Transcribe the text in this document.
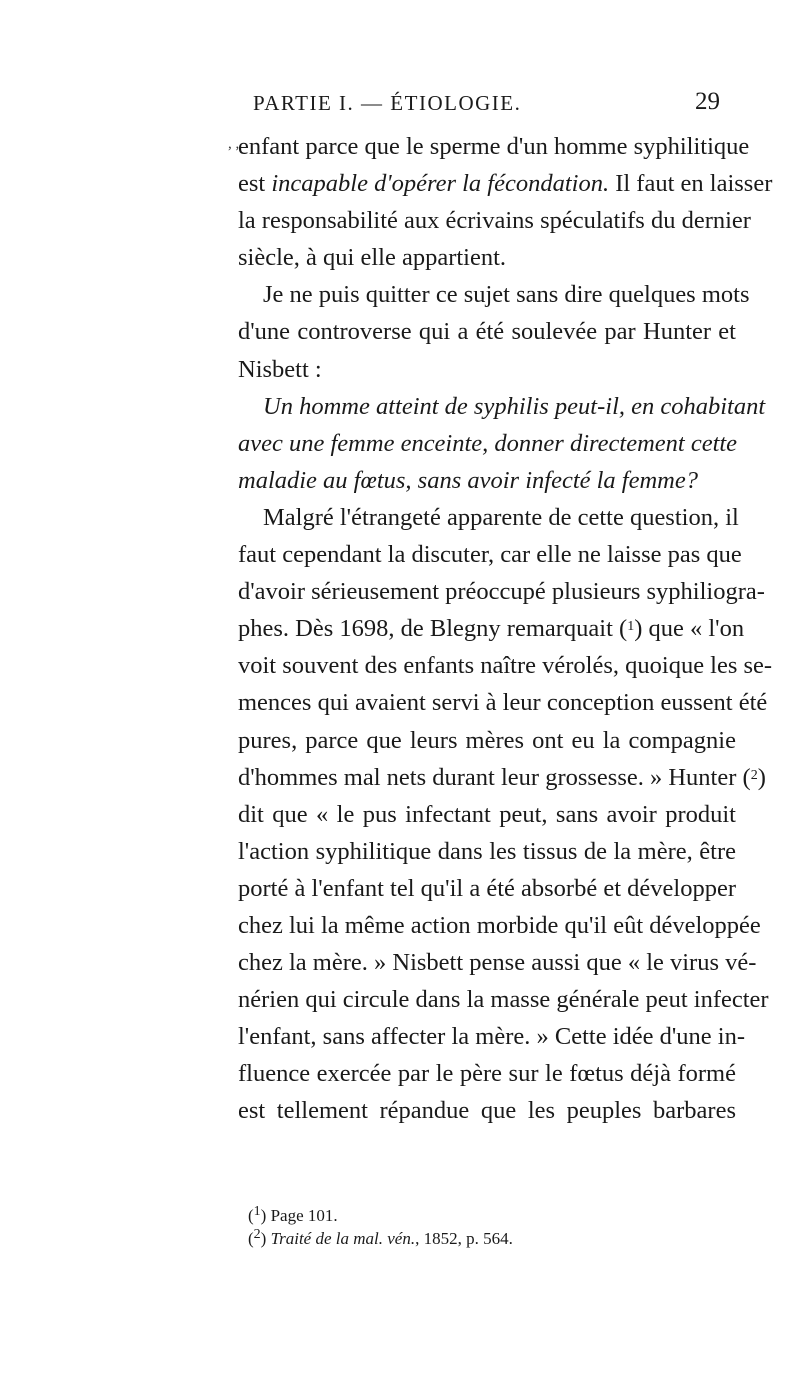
PARTIE I. — ÉTIOLOGIE.	29
, ,
enfant parce que le sperme d'un homme syphilitique
est incapable d'opérer la fécondation. Il faut en laisser
la responsabilité aux écrivains spéculatifs du dernier
siècle, à qui elle appartient.
Je ne puis quitter ce sujet sans dire quelques mots
d'une controverse qui a été soulevée par Hunter et
Nisbett :
Un homme atteint de syphilis peut-il, en cohabitant
avec une femme enceinte, donner directement cette
maladie au fœtus, sans avoir infecté la femme?
Malgré l'étrangeté apparente de cette question, il
faut cependant la discuter, car elle ne laisse pas que
d'avoir sérieusement préoccupé plusieurs syphiliogra-
phes. Dès 1698, de Blegny remarquait ($^1$) que « l'on
voit souvent des enfants naître vérolés, quoique les se-
mences qui avaient servi à leur conception eussent été
pures, parce que leurs mères ont eu la compagnie
d'hommes mal nets durant leur grossesse. » Hunter ($^2$)
dit que « le pus infectant peut, sans avoir produit
l'action syphilitique dans les tissus de la mère, être
porté à l'enfant tel qu'il a été absorbé et développer
chez lui la même action morbide qu'il eût développée
chez la mère. » Nisbett pense aussi que « le virus vé-
nérien qui circule dans la masse générale peut infecter
l'enfant, sans affecter la mère. » Cette idée d'une in-
fluence exercée par le père sur le fœtus déjà formé
est tellement répandue que les peuples barbares
($^1$) Page 101.
($^2$) Traité de la mal. vén., 1852, p. 564.
